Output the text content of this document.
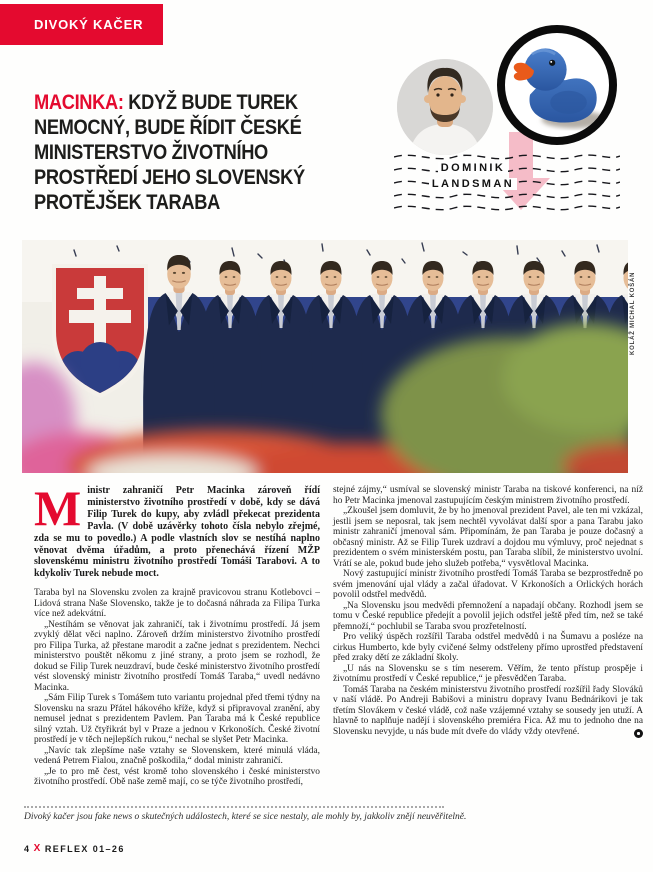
DIVOKÝ KAČER
MACINKA: KDYŽ BUDE TUREK NEMOCNÝ, BUDE ŘÍDIT ČESKÉ MINISTERSTVO ŽIVOTNÍHO PROSTŘEDÍ JEHO SLOVENSKÝ PROTĚJŠEK TARABA
DOMINIK
LANDSMAN
KOLÁŽ MICHAL KOŠÁN

Ministr zahraničí Petr Macinka zároveň řídí ministerstvo životního prostředí v době, kdy se dává Filip Turek do kupy, aby zvládl překecat prezidenta Pavla. (V době uzávěrky tohoto čísla nebylo zřejmé, zda se mu to povedlo.) A podle vlastních slov se nestíhá naplno věnovat dvěma úřadům, a proto přenechává řízení MŽP slovenskému ministru životního prostředí Tomáši Tarabovi. A to kdykoliv Turek nebude moct.

Taraba byl na Slovensku zvolen za krajně pravicovou stranu Kotlebovci – Lidová strana Naše Slovensko, takže je to dočasná náhrada za Filipa Turka více než adekvátní.

„Nestíhám se věnovat jak zahraničí, tak i životnímu prostředí. Já jsem zvyklý dělat věci naplno. Zároveň držím ministerstvo životního prostředí pro Filipa Turka, až přestane marodit a začne jednat s prezidentem. Nechci ministerstvo pouštět někomu z jiné strany, a proto jsem se rozhodl, že dokud se Filip Turek neuzdraví, bude české ministerstvo životního prostředí vést slovenský ministr životního prostředí Tomáš Taraba,“ uvedl nedávno Macinka.

„Sám Filip Turek s Tomášem tuto variantu projednal před třemi týdny na Slovensku na srazu Přátel hákového kříže, když si připravoval zranění, aby nemusel jednat s prezidentem Pavlem. Pan Taraba má k České republice silný vztah. Už čtyřikrát byl v Praze a jednou v Krkonoších. České životní prostředí je v těch nejlepších rukou,“ nechal se slyšet Petr Macinka.

„Navíc tak zlepšíme naše vztahy se Slovenskem, které minulá vláda, vedená Petrem Fialou, značně poškodila,“ dodal ministr zahraničí.

„Je to pro mě čest, vést kromě toho slovenského i české ministerstvo životního prostředí. Obě naše země mají, co se týče životního prostředí,

stejné zájmy,“ usmíval se slovenský ministr Taraba na tiskové konferenci, na níž ho Petr Macinka jmenoval zastupujícím českým ministrem životního prostředí.

„Zkoušel jsem domluvit, že by ho jmenoval prezident Pavel, ale ten mi vzkázal, jestli jsem se neposral, tak jsem nechtěl vyvolávat další spor a pana Tarabu jako ministr zahraničí jmenoval sám. Připomínám, že pan Taraba je pouze dočasný a občasný ministr. Až se Filip Turek uzdraví a dojdou mu výmluvy, proč nejednat s prezidentem o svém ministerském postu, pan Taraba slíbil, že ministerstvo uvolní. Vrátí se ale, pokud bude jeho služeb potřeba,“ vysvětloval Macinka.

Nový zastupující ministr životního prostředí Tomáš Taraba se bezprostředně po svém jmenování ujal vlády a začal úřadovat. V Krkonoších a Orlických horách povolil odstřel medvědů.

„Na Slovensku jsou medvědi přemnožení a napadají občany. Rozhodl jsem se tomu v České republice předejít a povolil jejich odstřel ještě před tím, než se také přemnoží,“ pochlubil se Taraba svou prozřetelností.

Pro veliký úspěch rozšířil Taraba odstřel medvědů i na Šumavu a posléze na cirkus Humberto, kde byly cvičené šelmy odstřeleny přímo uprostřed představení před zraky dětí ze základní školy.

„U nás na Slovensku se s tím neserem. Věřím, že tento přístup prospěje i životnímu prostředí v České republice,“ je přesvědčen Taraba.

Tomáš Taraba na českém ministerstvu životního prostředí rozšířil řady Slováků v naší vládě. Po Andreji Babišovi a ministru dopravy Ivanu Bednárikovi je tak třetím Slovákem v české vládě, což naše vzájemné vztahy se sousedy jen utuží. A hlavně to naplňuje nadějí i slovenského premiéra Fica. Až mu to jednoho dne na Slovensku nevyjde, u nás bude mít dveře do vlády vždy otevřené.

Divoký kačer jsou fake news o skutečných událostech, které se sice nestaly, ale mohly by, jakkoliv znějí neuvěřitelně.
4 X REFLEX 01–26
